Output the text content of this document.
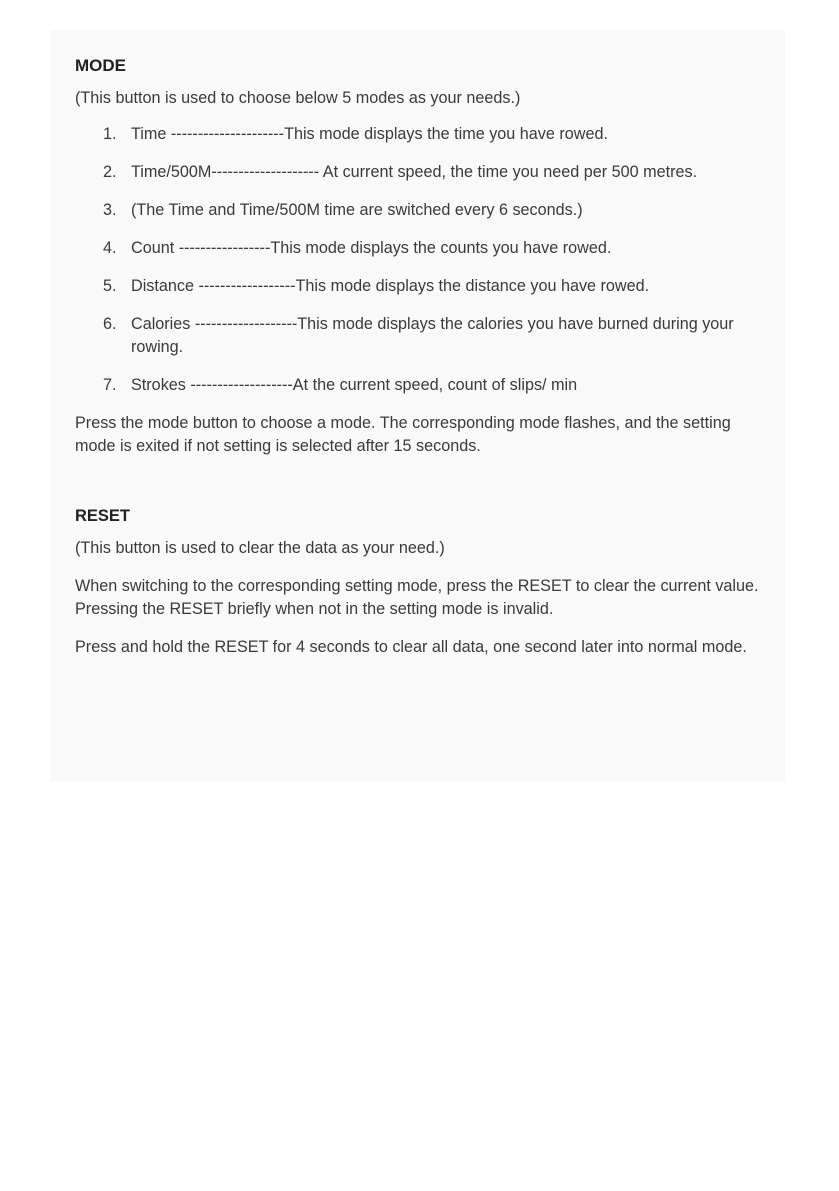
MODE
(This button is used to choose below 5 modes as your needs.)
1. Time ---------------------This mode displays the time you have rowed.
2. Time/500M-------------------- At current speed, the time you need per 500 metres.
3. (The Time and Time/500M time are switched every 6 seconds.)
4. Count -----------------This mode displays the counts you have rowed.
5. Distance ------------------This mode displays the distance you have rowed.
6. Calories -------------------This mode displays the calories you have burned during your rowing.
7. Strokes -------------------At the current speed, count of slips/ min
Press the mode button to choose a mode. The corresponding mode flashes, and the setting mode is exited if not setting is selected after 15 seconds.
RESET
(This button is used to clear the data as your need.)
When switching to the corresponding setting mode, press the RESET to clear the current value. Pressing the RESET briefly when not in the setting mode is invalid.
Press and hold the RESET for 4 seconds to clear all data, one second later into normal mode.
